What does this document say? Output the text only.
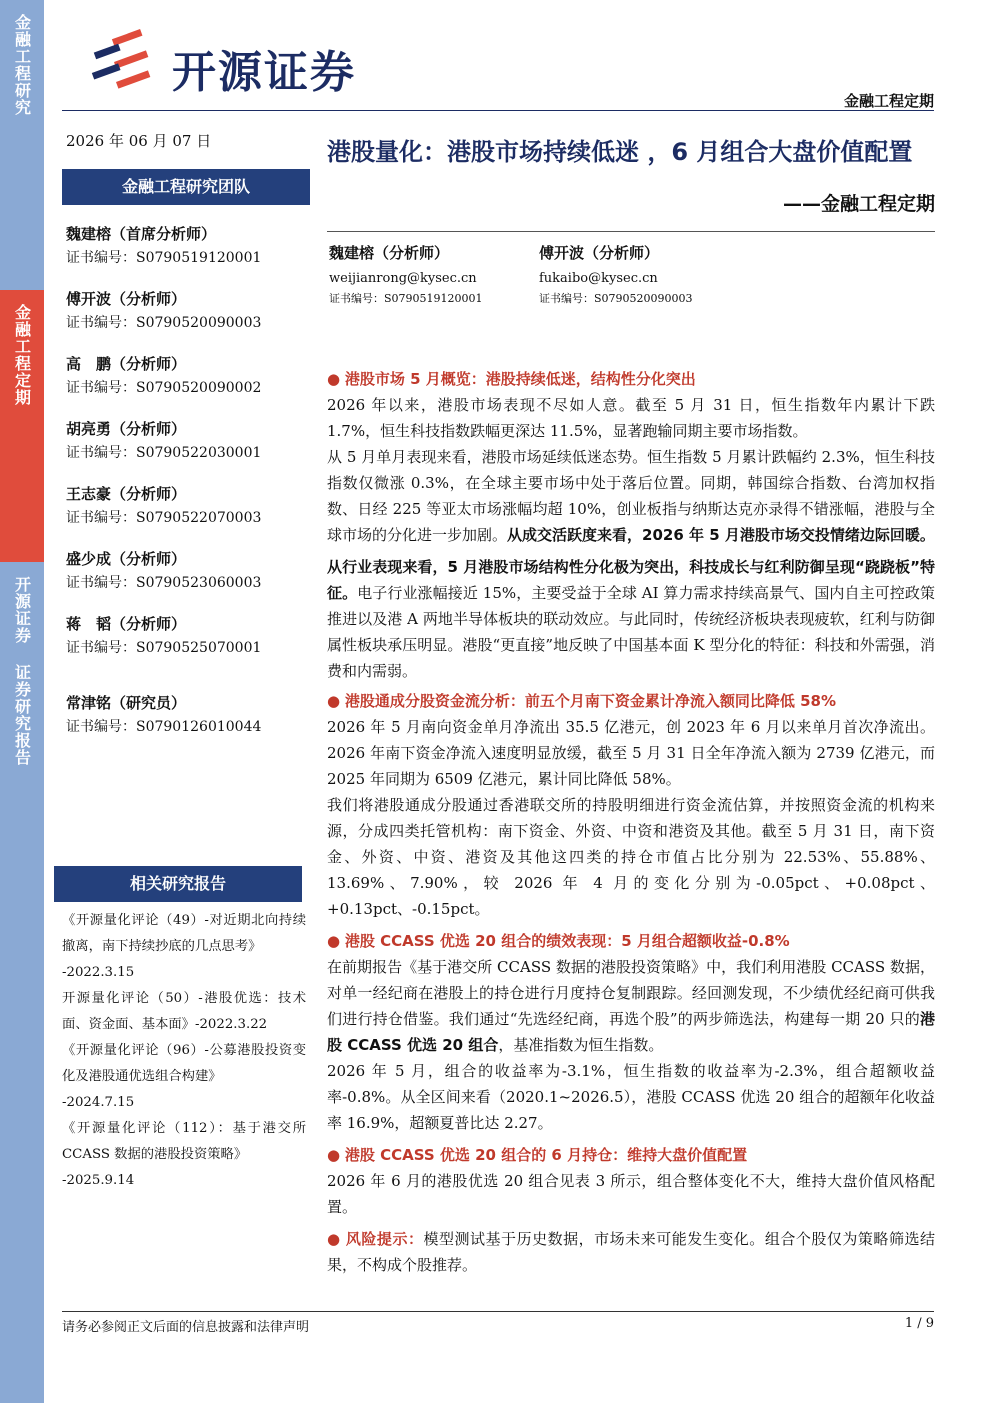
金融工程研究
金融工程定期
开源证券 证券研究报告
开源证券
金融工程定期
2026 年 06 月 07 日
金融工程研究团队
魏建榕（首席分析师）
证书编号：S0790519120001
傅开波（分析师）
证书编号：S0790520090003
高　鹏（分析师）
证书编号：S0790520090002
胡亮勇（分析师）
证书编号：S0790522030001
王志豪（分析师）
证书编号：S0790522070003
盛少成（分析师）
证书编号：S0790523060003
蒋　韬（分析师）
证书编号：S0790525070001
常津铭（研究员）
证书编号：S0790126010044
相关研究报告

《开源量化评论（49）-对近期北向持续撤离，南下持续抄底的几点思考》

-2022.3.15

开源量化评论（50）-港股优选：技术面、资金面、基本面》-2022.3.22

《开源量化评论（96）-公募港股投资变化及港股通优选组合构建》

-2024.7.15

《开源量化评论（112）：基于港交所 CCASS 数据的港股投资策略》

-2025.9.14

港股量化：港股市场持续低迷 ，6 月组合大盘价值配置
——金融工程定期
魏建榕（分析师）
weijianrong@kysec.cn
证书编号：S0790519120001
傅开波（分析师）
fukaibo@kysec.cn
证书编号：S0790520090003

● 港股市场 5 月概览：港股持续低迷，结构性分化突出

2026 年以来，港股市场表现不尽如人意。截至 5 月 31 日，恒生指数年内累计下跌 1.7%，恒生科技指数跌幅更深达 11.5%，显著跑输同期主要市场指数。

从 5 月单月表现来看，港股市场延续低迷态势。恒生指数 5 月累计跌幅约 2.3%，恒生科技指数仅微涨 0.3%，在全球主要市场中处于落后位置。同期，韩国综合指数、台湾加权指数、日经 225 等亚太市场涨幅均超 10%，创业板指与纳斯达克亦录得不错涨幅，港股与全球市场的分化进一步加剧。从成交活跃度来看，2026 年 5 月港股市场交投情绪边际回暖。

从行业表现来看，5 月港股市场结构性分化极为突出，科技成长与红利防御呈现“跷跷板”特征。电子行业涨幅接近 15%，主要受益于全球 AI 算力需求持续高景气、国内自主可控政策推进以及港 A 两地半导体板块的联动效应。与此同时，传统经济板块表现疲软，红利与防御属性板块承压明显。港股“更直接”地反映了中国基本面 K 型分化的特征：科技和外需强，消费和内需弱。

● 港股通成分股资金流分析：前五个月南下资金累计净流入额同比降低 58%

2026 年 5 月南向资金单月净流出 35.5 亿港元，创 2023 年 6 月以来单月首次净流出。2026 年南下资金净流入速度明显放缓，截至 5 月 31 日全年净流入额为 2739 亿港元，而 2025 年同期为 6509 亿港元，累计同比降低 58%。

我们将港股通成分股通过香港联交所的持股明细进行资金流估算，并按照资金流的机构来源，分成四类托管机构：南下资金、外资、中资和港资及其他。截至 5 月 31 日，南下资金、外资、中资、港资及其他这四类的持仓市值占比分别为 22.53%、55.88%、13.69%、7.90%，较 2026 年 4 月的变化分别为-0.05pct、+0.08pct、+0.13pct、-0.15pct。

● 港股 CCASS 优选 20 组合的绩效表现：5 月组合超额收益-0.8%

在前期报告《基于港交所 CCASS 数据的港股投资策略》中，我们利用港股 CCASS 数据，对单一经纪商在港股上的持仓进行月度持仓复制跟踪。经回测发现，不少绩优经纪商可供我们进行持仓借鉴。我们通过“先选经纪商，再选个股”的两步筛选法，构建每一期 20 只的港股 CCASS 优选 20 组合，基准指数为恒生指数。

2026 年 5 月，组合的收益率为-3.1%，恒生指数的收益率为-2.3%，组合超额收益率-0.8%。从全区间来看（2020.1~2026.5），港股 CCASS 优选 20 组合的超额年化收益率 16.9%，超额夏普比达 2.27。

● 港股 CCASS 优选 20 组合的 6 月持仓：维持大盘价值配置

2026 年 6 月的港股优选 20 组合见表 3 所示，组合整体变化不大，维持大盘价值风格配置。

● 风险提示：模型测试基于历史数据，市场未来可能发生变化。组合个股仅为策略筛选结果，不构成个股推荐。

请务必参阅正文后面的信息披露和法律声明	1 / 9
